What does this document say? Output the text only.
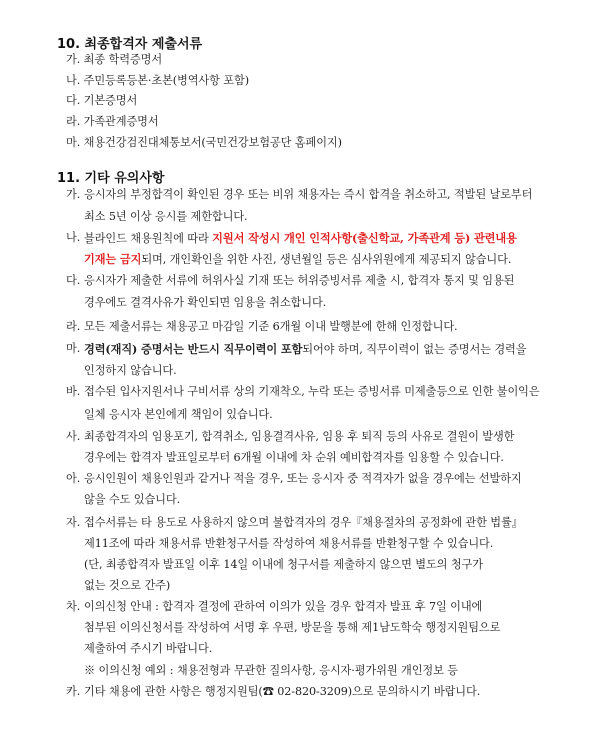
10. 최종합격자 제출서류
가. 최종 학력증명서
나. 주민등록등본·초본(병역사항 포함)
다. 기본증명서
라. 가족관계증명서
마. 채용건강검진대체통보서(국민건강보험공단 홈페이지)
11. 기타 유의사항
가. 응시자의 부정합격이 확인된 경우 또는 비위 채용자는 즉시 합격을 취소하고, 적발된 날로부터
최소 5년 이상 응시를 제한합니다.
나. 블라인드 채용원칙에 따라 지원서 작성시 개인 인적사항(출신학교, 가족관계 등) 관련내용
기재는 금지되며, 개인확인을 위한 사진, 생년월일 등은 심사위원에게 제공되지 않습니다.
다. 응시자가 제출한 서류에 허위사실 기재 또는 허위증빙서류 제출 시, 합격자 통지 및 임용된
경우에도 결격사유가 확인되면 임용을 취소합니다.
라. 모든 제출서류는 채용공고 마감일 기준 6개월 이내 발행분에 한해 인정합니다.
마. 경력(재직) 증명서는 반드시 직무이력이 포함되어야 하며, 직무이력이 없는 증명서는 경력을
인정하지 않습니다.
바. 접수된 입사지원서나 구비서류 상의 기재착오, 누락 또는 증빙서류 미제출등으로 인한 불이익은
일체 응시자 본인에게 책임이 있습니다.
사. 최종합격자의 임용포기, 합격취소, 임용결격사유, 임용 후 퇴직 등의 사유로 결원이 발생한
경우에는 합격자 발표일로부터 6개월 이내에 차 순위 예비합격자를 임용할 수 있습니다.
아. 응시인원이 채용인원과 같거나 적을 경우, 또는 응시자 중 적격자가 없을 경우에는 선발하지
않을 수도 있습니다.
자. 접수서류는 타 용도로 사용하지 않으며 불합격자의 경우『채용절차의 공정화에 관한 법률』
제11조에 따라 채용서류 반환청구서를 작성하여 채용서류를 반환청구할 수 있습니다.
(단, 최종합격자 발표일 이후 14일 이내에 청구서를 제출하지 않으면 별도의 청구가
없는 것으로 간주)
차. 이의신청 안내 : 합격자 결정에 관하여 이의가 있을 경우 합격자 발표 후 7일 이내에
첨부된 이의신청서를 작성하여 서명 후 우편, 방문을 통해 제1남도학숙 행정지원팀으로
제출하여 주시기 바랍니다.
※ 이의신청 예외 : 채용전형과 무관한 질의사항, 응시자·평가위원 개인정보 등
카. 기타 채용에 관한 사항은 행정지원팀(☎ 02-820-3209)으로 문의하시기 바랍니다.
